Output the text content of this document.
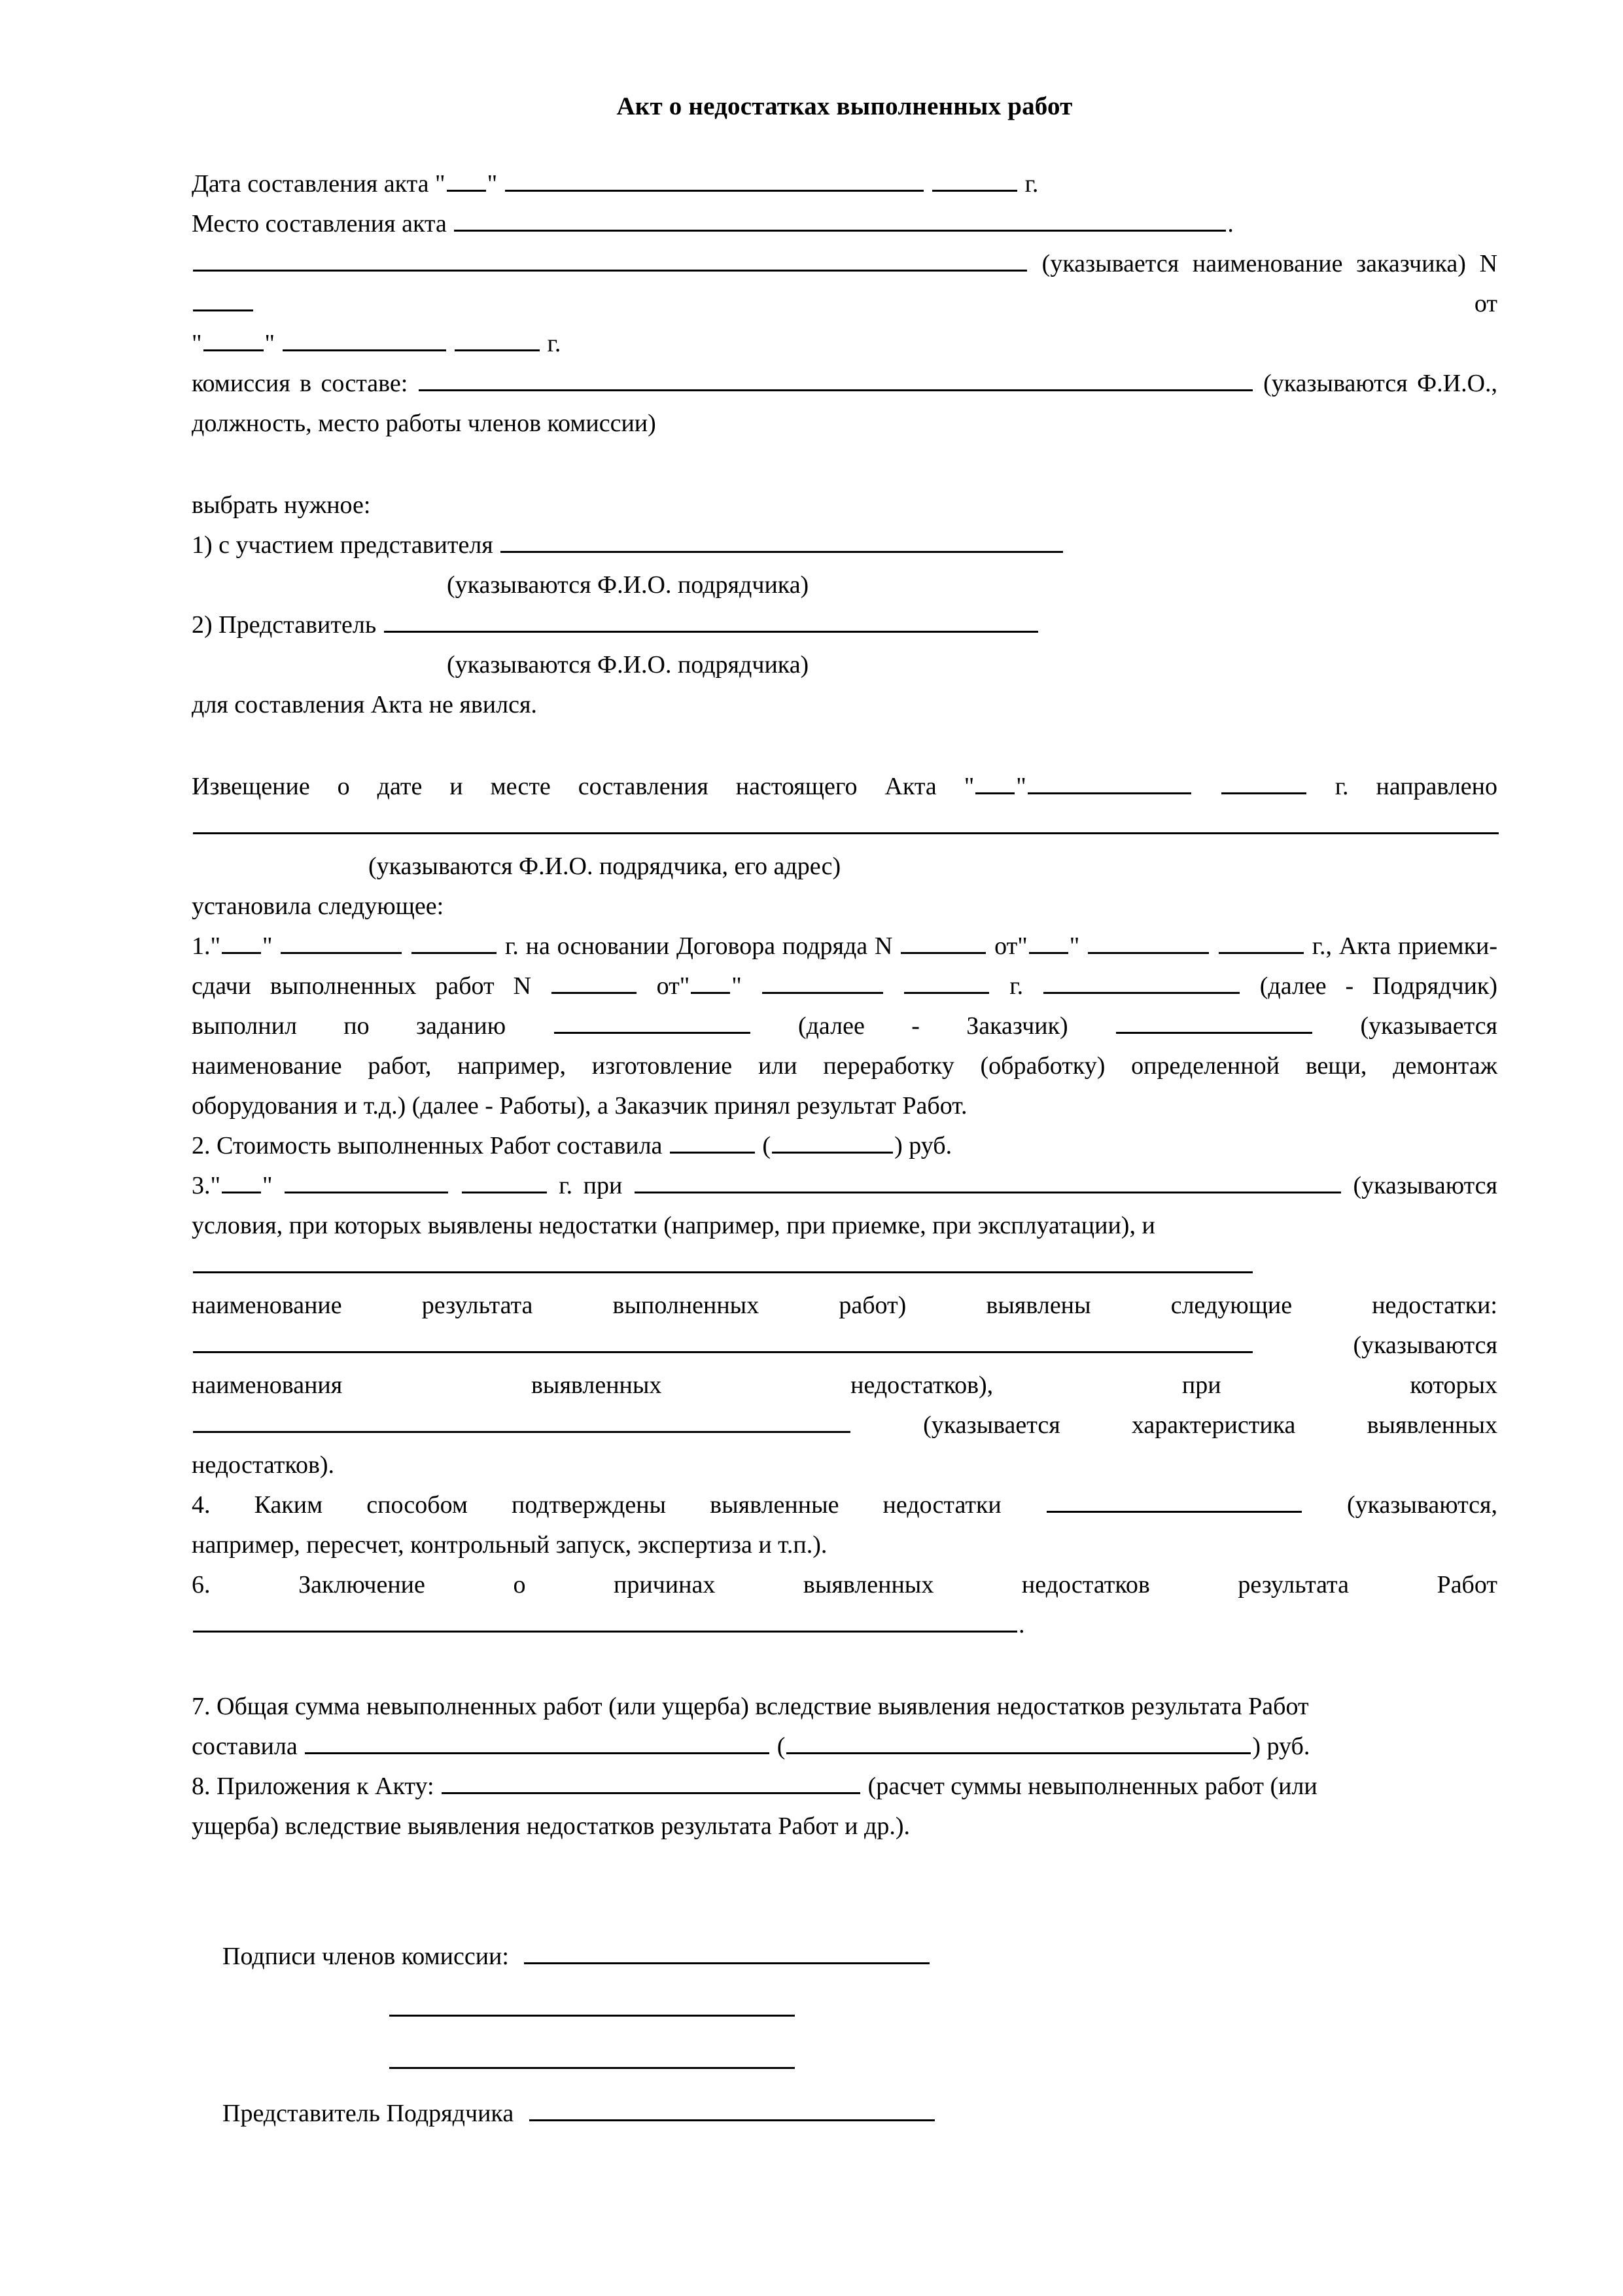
Акт о недостатках выполненных работ
Дата составления акта " "	г.
Место составления акта	.
(указывается наименование заказчика) N  от
"	"	г.
комиссия в составе:	(указываются Ф.И.О.,
должность, место работы членов комиссии)
выбрать нужное:
1) с участием представителя
(указываются Ф.И.О. подрядчика)
2) Представитель
(указываются Ф.И.О. подрядчика)
для составления Акта не явился.
Извещение о дате и месте составления настоящего Акта " "	г. направлено
(указываются Ф.И.О. подрядчика, его адрес)
установила следующее:
1." "	г. на основании Договора подряда N	от" "	г., Акта приемки-
сдачи выполненных работ N	от" "	г.	(далее - Подрядчик)
выполнил по заданию	(далее - Заказчик)	(указывается
наименование работ, например, изготовление или переработку (обработку) определенной вещи, демонтаж
оборудования и т.д.) (далее - Работы), а Заказчик принял результат Работ.
2. Стоимость выполненных Работ составила	(	) руб.
3." "	г. при	(указываются
условия, при которых выявлены недостатки (например, при приемке, при эксплуатации), и
наименование результата выполненных работ) выявлены следующие недостатки:
(указываются
наименования выявленных недостатков), при которых
(указывается характеристика выявленных
недостатков).
4. Каким способом подтверждены выявленные недостатки	(указываются,
например, пересчет, контрольный запуск, экспертиза и т.п.).
6.	Заключение о причинах выявленных недостатков результата Работ
.
7. Общая сумма невыполненных работ (или ущерба) вследствие выявления недостатков результата Работ
составила	(	) руб.
8. Приложения к Акту:	(расчет суммы невыполненных работ (или
ущерба) вследствие выявления недостатков результата Работ и др.).
Подписи членов комиссии:
Представитель Подрядчика
